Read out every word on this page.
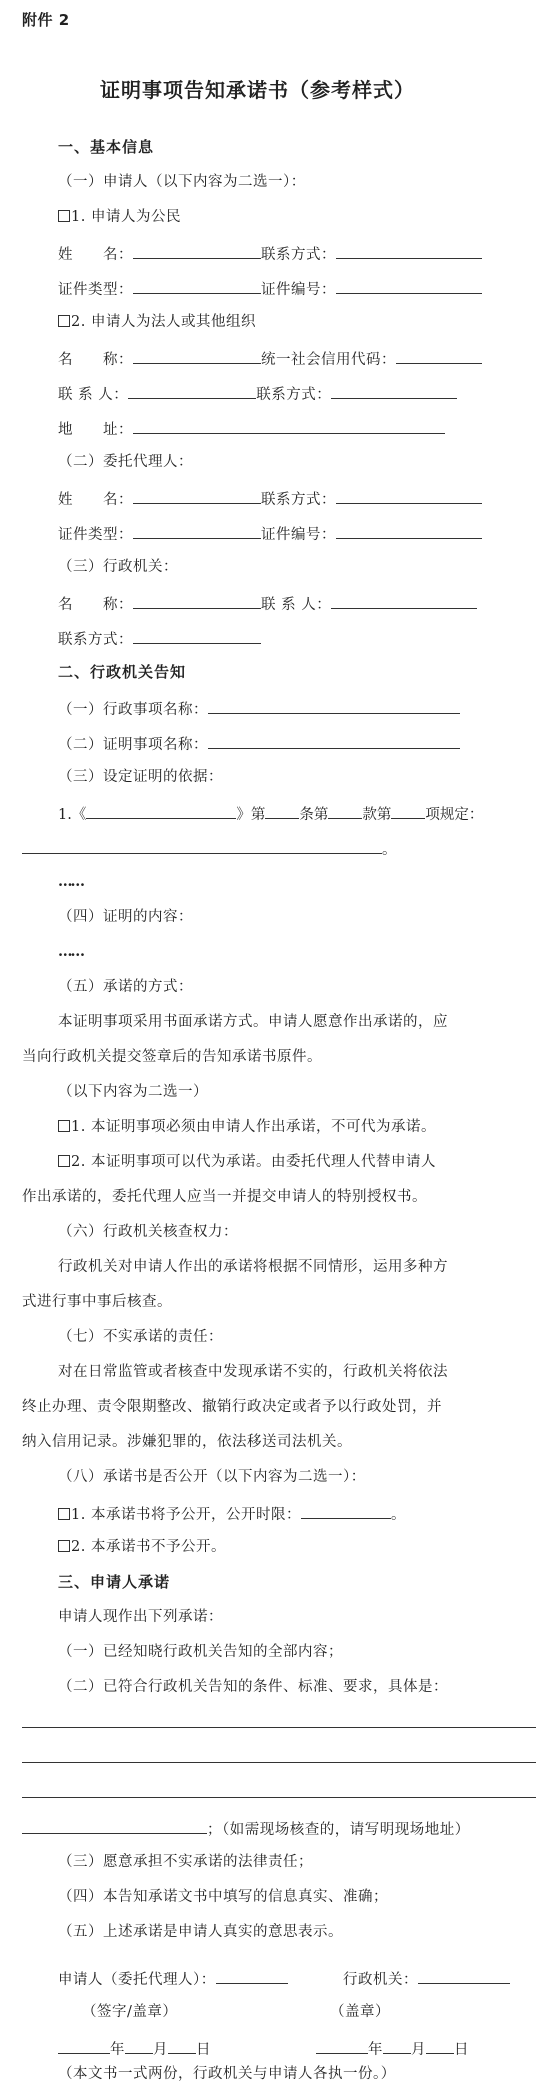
附件 2
证明事项告知承诺书（参考样式）
一、基本信息
（一）申请人（以下内容为二选一）：
1. 申请人为公民
姓　　名：	联系方式：
证件类型：	证件编号：
2. 申请人为法人或其他组织
名　　称：	统一社会信用代码：
联 系 人：	联系方式：
地　　址：
（二）委托代理人：
姓　　名：	联系方式：
证件类型：	证件编号：
（三）行政机关：
名　　称：	联 系 人：
联系方式：
二、行政机关告知
（一）行政事项名称：
（二）证明事项名称：
（三）设定证明的依据：
1.《	》第 条第 款第 项规定：
。
……
（四）证明的内容：
……
（五）承诺的方式：
本证明事项采用书面承诺方式。申请人愿意作出承诺的，应
当向行政机关提交签章后的告知承诺书原件。
（以下内容为二选一）
1. 本证明事项必须由申请人作出承诺，不可代为承诺。
2. 本证明事项可以代为承诺。由委托代理人代替申请人
作出承诺的，委托代理人应当一并提交申请人的特别授权书。
（六）行政机关核查权力：
行政机关对申请人作出的承诺将根据不同情形，运用多种方
式进行事中事后核查。
（七）不实承诺的责任：
对在日常监管或者核查中发现承诺不实的，行政机关将依法
终止办理、责令限期整改、撤销行政决定或者予以行政处罚，并
纳入信用记录。涉嫌犯罪的，依法移送司法机关。
（八）承诺书是否公开（以下内容为二选一）：
1. 本承诺书将予公开，公开时限：	。
2. 本承诺书不予公开。
三、申请人承诺
申请人现作出下列承诺：
（一）已经知晓行政机关告知的全部内容；
（二）已符合行政机关告知的条件、标准、要求，具体是：
；（如需现场核查的，请写明现场地址）
（三）愿意承担不实承诺的法律责任；
（四）本告知承诺文书中填写的信息真实、准确；
（五）上述承诺是申请人真实的意思表示。
申请人（委托代理人）：	行政机关：
（签字/盖章）	（盖章）
年 月 日	年 月 日
（本文书一式两份，行政机关与申请人各执一份。）
